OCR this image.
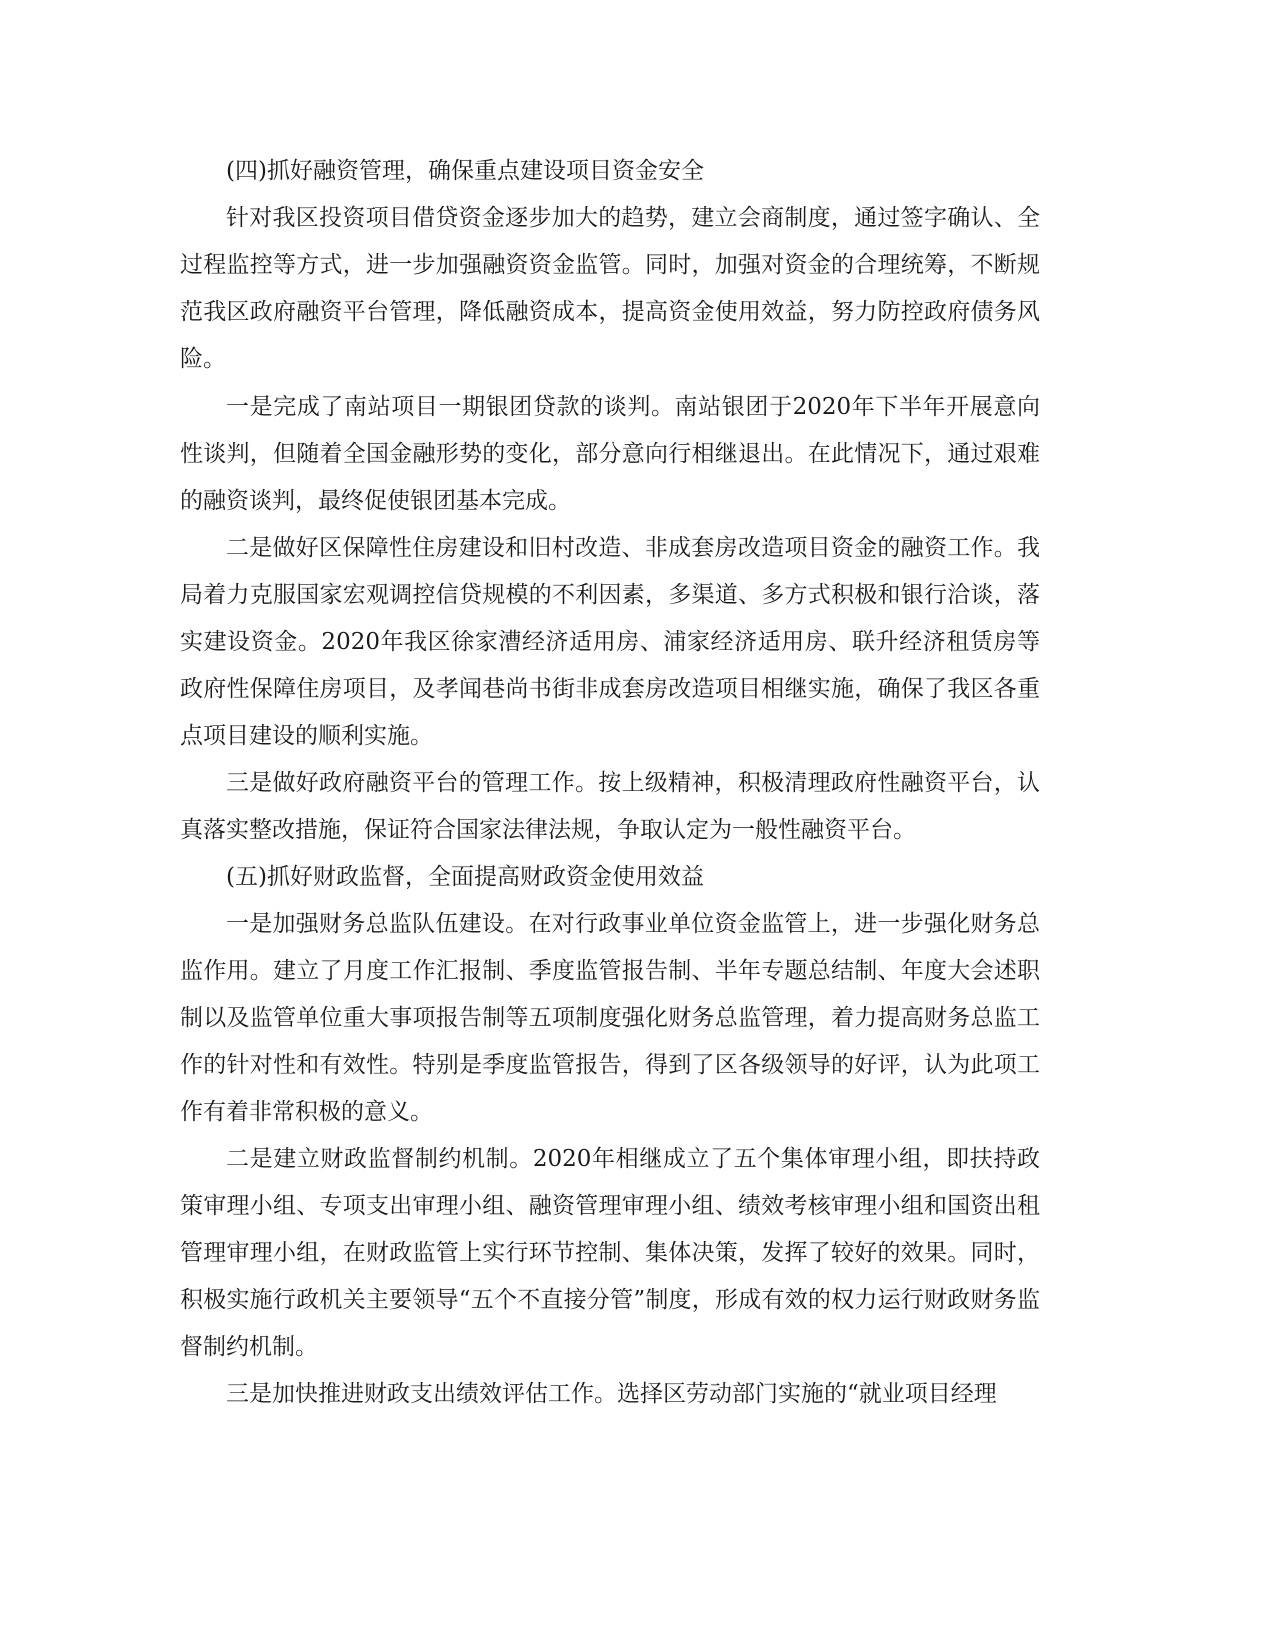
(四)抓好融资管理，确保重点建设项目资金安全

针对我区投资项目借贷资金逐步加大的趋势，建立会商制度，通过签字确认、全过程监控等方式，进一步加强融资资金监管。同时，加强对资金的合理统筹，不断规范我区政府融资平台管理，降低融资成本，提高资金使用效益，努力防控政府债务风险。

一是完成了南站项目一期银团贷款的谈判。南站银团于2020年下半年开展意向性谈判，但随着全国金融形势的变化，部分意向行相继退出。在此情况下，通过艰难的融资谈判，最终促使银团基本完成。

二是做好区保障性住房建设和旧村改造、非成套房改造项目资金的融资工作。我局着力克服国家宏观调控信贷规模的不利因素，多渠道、多方式积极和银行洽谈，落实建设资金。2020年我区徐家漕经济适用房、浦家经济适用房、联升经济租赁房等政府性保障住房项目，及孝闻巷尚书街非成套房改造项目相继实施，确保了我区各重点项目建设的顺利实施。

三是做好政府融资平台的管理工作。按上级精神，积极清理政府性融资平台，认真落实整改措施，保证符合国家法律法规，争取认定为一般性融资平台。

(五)抓好财政监督，全面提高财政资金使用效益

一是加强财务总监队伍建设。在对行政事业单位资金监管上，进一步强化财务总监作用。建立了月度工作汇报制、季度监管报告制、半年专题总结制、年度大会述职制以及监管单位重大事项报告制等五项制度强化财务总监管理，着力提高财务总监工作的针对性和有效性。特别是季度监管报告，得到了区各级领导的好评，认为此项工作有着非常积极的意义。

二是建立财政监督制约机制。2020年相继成立了五个集体审理小组，即扶持政策审理小组、专项支出审理小组、融资管理审理小组、绩效考核审理小组和国资出租管理审理小组，在财政监管上实行环节控制、集体决策，发挥了较好的效果。同时，积极实施行政机关主要领导“五个不直接分管”制度，形成有效的权力运行财政财务监督制约机制。

三是加快推进财政支出绩效评估工作。选择区劳动部门实施的“就业项目经理
